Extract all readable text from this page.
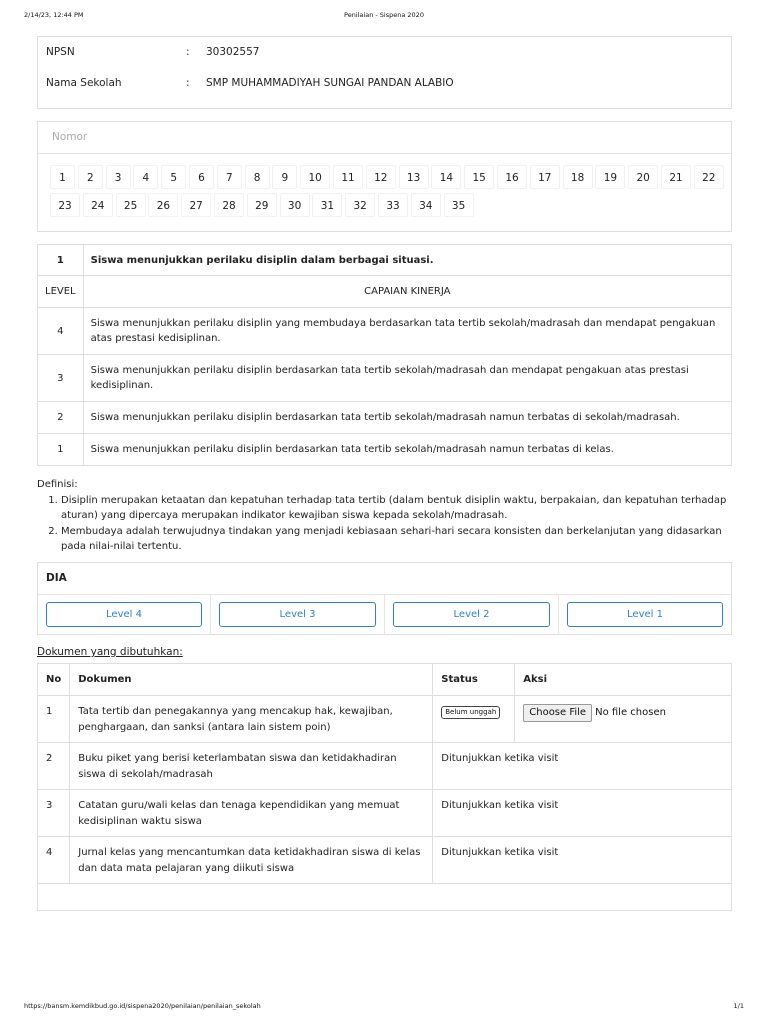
2/14/23, 12:44 PM	Penilaian - Sispena 2020
NPSN	: 30302557
Nama Sekolah	: SMP MUHAMMADIYAH SUNGAI PANDAN ALABIO
Nomor
1	2	3	4	5	6	7	8	9	10	11	12	13	14	15	16	17	18	19	20	21	22
23	24	25	26	27	28	29	30	31	32	33	34	35
1	Siswa menunjukkan perilaku disiplin dalam berbagai situasi.
LEVEL	CAPAIAN KINERJA
4	Siswa menunjukkan perilaku disiplin yang membudaya berdasarkan tata tertib sekolah/madrasah dan mendapat pengakuan atas prestasi kedisiplinan.
3	Siswa menunjukkan perilaku disiplin berdasarkan tata tertib sekolah/madrasah dan mendapat pengakuan atas prestasi kedisiplinan.
2	Siswa menunjukkan perilaku disiplin berdasarkan tata tertib sekolah/madrasah namun terbatas di sekolah/madrasah.
1	Siswa menunjukkan perilaku disiplin berdasarkan tata tertib sekolah/madrasah namun terbatas di kelas.
Definisi:
1. Disiplin merupakan ketaatan dan kepatuhan terhadap tata tertib (dalam bentuk disiplin waktu, berpakaian, dan kepatuhan terhadap aturan) yang dipercaya merupakan indikator kewajiban siswa kepada sekolah/madrasah.
2. Membudaya adalah terwujudnya tindakan yang menjadi kebiasaan sehari-hari secara konsisten dan berkelanjutan yang didasarkan pada nilai-nilai tertentu.
DIA
Level 4	Level 3	Level 2	Level 1
Dokumen yang dibutuhkan:
No	Dokumen	Status	Aksi
1	Tata tertib dan penegakannya yang mencakup hak, kewajiban, penghargaan, dan sanksi (antara lain sistem poin)	Belum unggah	Choose File No file chosen
2	Buku piket yang berisi keterlambatan siswa dan ketidakhadiran siswa di sekolah/madrasah	Ditunjukkan ketika visit	
3	Catatan guru/wali kelas dan tenaga kependidikan yang memuat kedisiplinan waktu siswa	Ditunjukkan ketika visit	
4	Jurnal kelas yang mencantumkan data ketidakhadiran siswa di kelas dan data mata pelajaran yang diikuti siswa	Ditunjukkan ketika visit	

https://bansm.kemdikbud.go.id/sispena2020/penilaian/penilaian_sekolah	1/1
